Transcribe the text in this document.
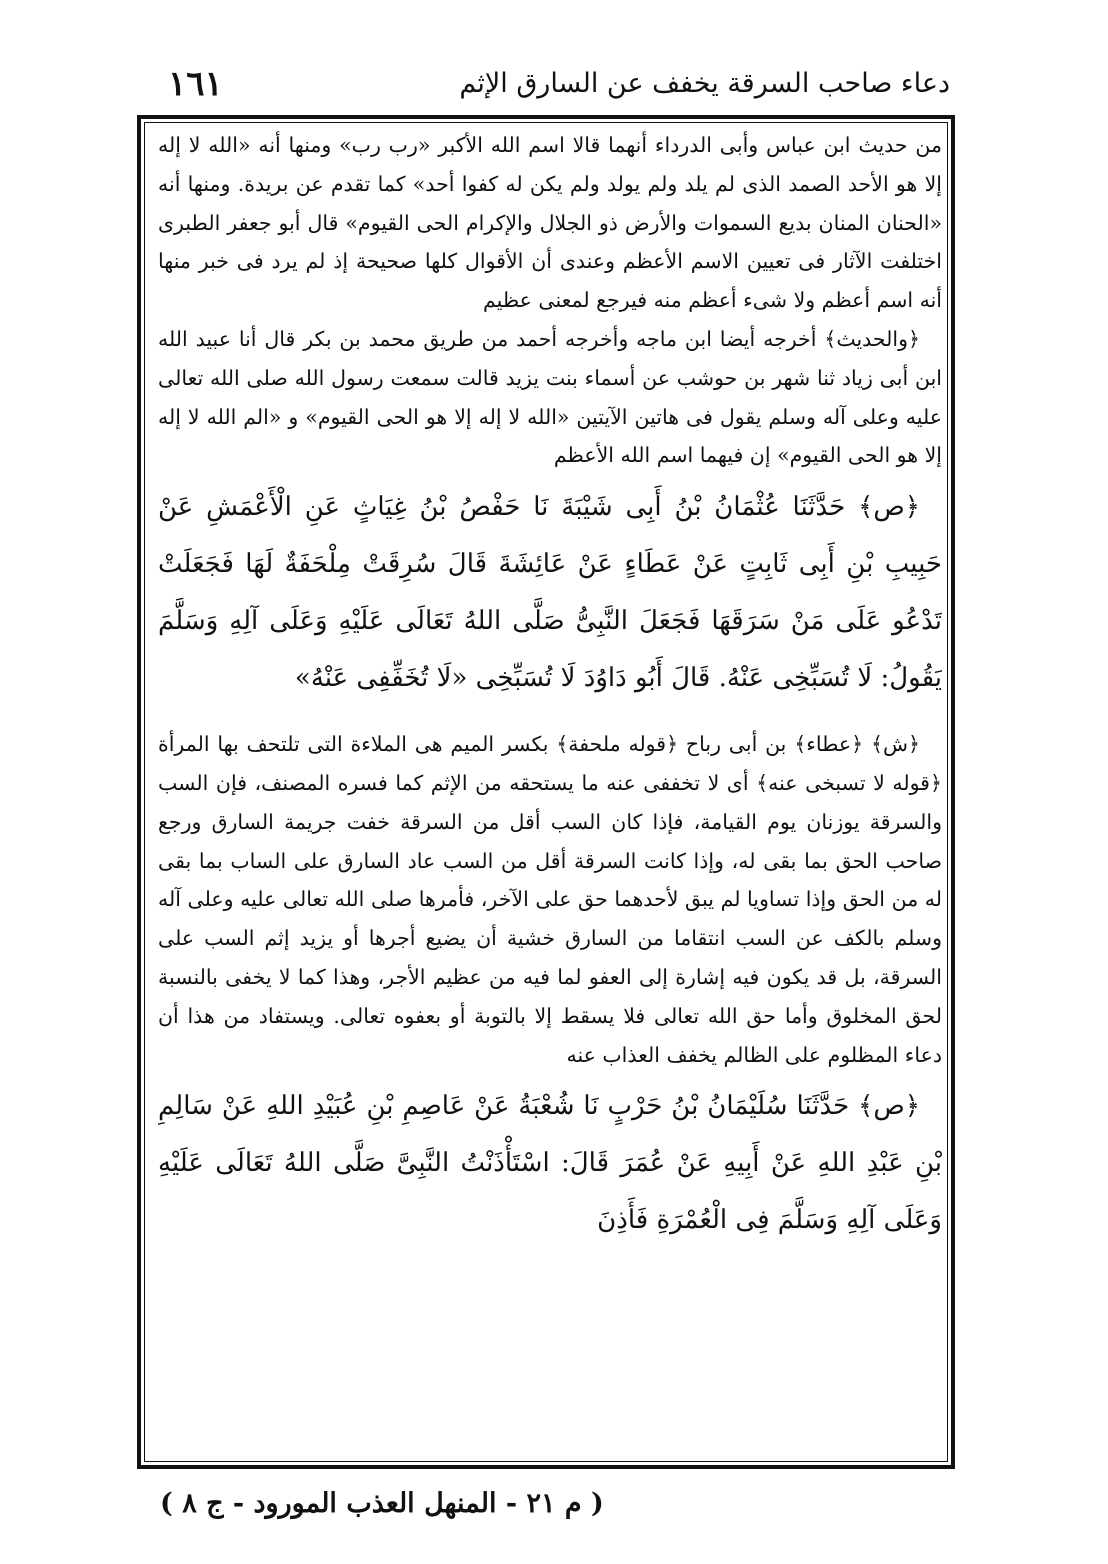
دعاء صاحب السرقة يخفف عن السارق الإثم
١٦١

من حديث ابن عباس وأبى الدرداء أنهما قالا اسم الله الأكبر «رب رب» ومنها أنه «الله لا إله إلا هو الأحد الصمد الذى لم يلد ولم يولد ولم يكن له كفوا أحد» كما تقدم عن بريدة. ومنها أنه «الحنان المنان بديع السموات والأرض ذو الجلال والإكرام الحى القيوم» قال أبو جعفر الطبرى اختلفت الآثار فى تعيين الاسم الأعظم وعندى أن الأقوال كلها صحيحة إذ لم يرد فى خبر منها أنه اسم أعظم ولا شىء أعظم منه فيرجع لمعنى عظيم

﴿والحديث﴾ أخرجه أيضا ابن ماجه وأخرجه أحمد من طريق محمد بن بكر قال أنا عبيد الله ابن أبى زياد ثنا شهر بن حوشب عن أسماء بنت يزيد قالت سمعت رسول الله صلى الله تعالى عليه وعلى آله وسلم يقول فى هاتين الآيتين «الله لا إله إلا هو الحى القيوم» و «الم الله لا إله إلا هو الحى القيوم» إن فيهما اسم الله الأعظم

﴿ص﴾ حَدَّثَنَا عُثْمَانُ بْنُ أَبِى شَيْبَةَ نَا حَفْصُ بْنُ غِيَاثٍ عَنِ الْأَعْمَشِ عَنْ حَبِيبِ بْنِ أَبِى ثَابِتٍ عَنْ عَطَاءٍ عَنْ عَائِشَةَ قَالَ سُرِقَتْ مِلْحَفَةٌ لَهَا فَجَعَلَتْ تَدْعُو عَلَى مَنْ سَرَقَهَا فَجَعَلَ النَّبِىُّ صَلَّى اللهُ تَعَالَى عَلَيْهِ وَعَلَى آلِهِ وَسَلَّمَ يَقُولُ: لَا تُسَبِّخِى عَنْهُ. قَالَ أَبُو دَاوُدَ لَا تُسَبِّخِى «لَا تُخَفِّفِى عَنْهُ»

﴿ش﴾ ﴿عطاء﴾ بن أبى رباح ﴿قوله ملحفة﴾ بكسر الميم هى الملاءة التى تلتحف بها المرأة ﴿قوله لا تسبخى عنه﴾ أى لا تخففى عنه ما يستحقه من الإثم كما فسره المصنف، فإن السب والسرقة يوزنان يوم القيامة، فإذا كان السب أقل من السرقة خفت جريمة السارق ورجع صاحب الحق بما بقى له، وإذا كانت السرقة أقل من السب عاد السارق على الساب بما بقى له من الحق وإذا تساويا لم يبق لأحدهما حق على الآخر، فأمرها صلى الله تعالى عليه وعلى آله وسلم بالكف عن السب انتقاما من السارق خشية أن يضيع أجرها أو يزيد إثم السب على السرقة، بل قد يكون فيه إشارة إلى العفو لما فيه من عظيم الأجر، وهذا كما لا يخفى بالنسبة لحق المخلوق وأما حق الله تعالى فلا يسقط إلا بالتوبة أو بعفوه تعالى. ويستفاد من هذا أن دعاء المظلوم على الظالم يخفف العذاب عنه

﴿ص﴾ حَدَّثَنَا سُلَيْمَانُ بْنُ حَرْبٍ نَا شُعْبَةُ عَنْ عَاصِمِ بْنِ عُبَيْدِ اللهِ عَنْ سَالِمِ بْنِ عَبْدِ اللهِ عَنْ أَبِيهِ عَنْ عُمَرَ قَالَ: اسْتَأْذَنْتُ النَّبِىَّ صَلَّى اللهُ تَعَالَى عَلَيْهِ وَعَلَى آلِهِ وَسَلَّمَ فِى الْعُمْرَةِ فَأَذِنَ

( م ٢١ - المنهل العذب المورود - ج ٨ )
